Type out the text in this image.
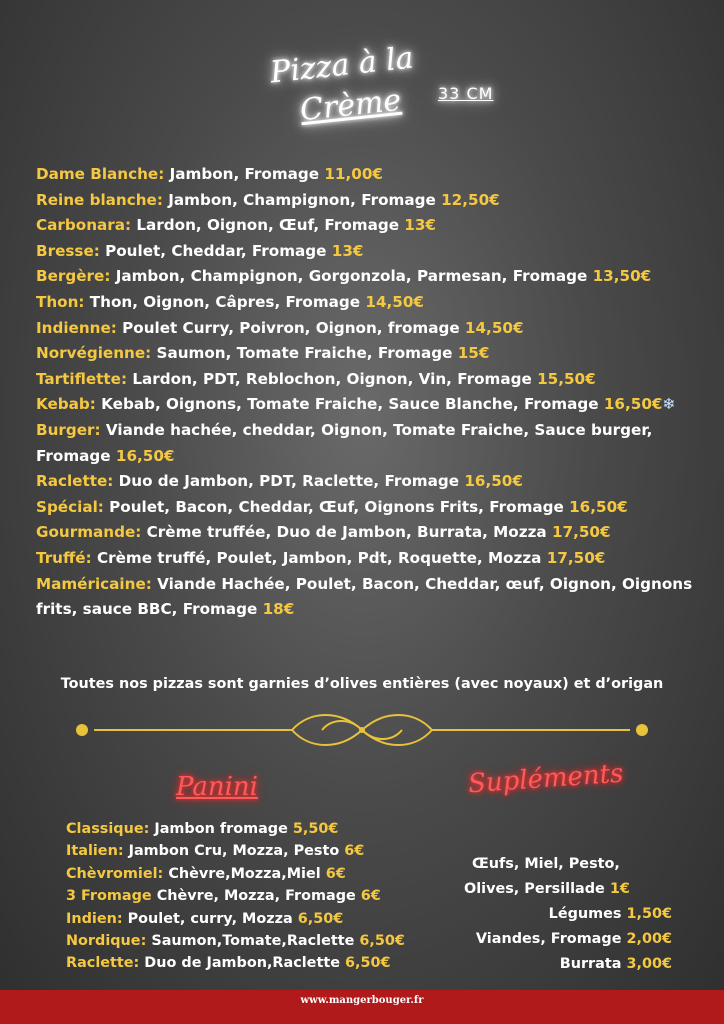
Pizza à la
Crème 33 CM
Dame Blanche: Jambon, Fromage 11,00€
Reine blanche: Jambon, Champignon, Fromage 12,50€
Carbonara: Lardon, Oignon, Œuf, Fromage 13€
Bresse: Poulet, Cheddar, Fromage 13€
Bergère: Jambon, Champignon, Gorgonzola, Parmesan, Fromage 13,50€
Thon: Thon, Oignon, Câpres, Fromage 14,50€
Indienne: Poulet Curry, Poivron, Oignon, fromage 14,50€
Norvégienne: Saumon, Tomate Fraiche, Fromage 15€
Tartiflette: Lardon, PDT, Reblochon, Oignon, Vin, Fromage 15,50€
Kebab: Kebab, Oignons, Tomate Fraiche, Sauce Blanche, Fromage 16,50€❄
Burger: Viande hachée, cheddar, Oignon, Tomate Fraiche, Sauce burger, Fromage 16,50€
Raclette: Duo de Jambon, PDT, Raclette, Fromage 16,50€
Spécial: Poulet, Bacon, Cheddar, Œuf, Oignons Frits, Fromage 16,50€
Gourmande: Crème truffée, Duo de Jambon, Burrata, Mozza 17,50€
Truffé: Crème truffé, Poulet, Jambon, Pdt, Roquette, Mozza 17,50€
Maméricaine: Viande Hachée, Poulet, Bacon, Cheddar, œuf, Oignon, Oignons frits, sauce BBC, Fromage 18€
Toutes nos pizzas sont garnies d’olives entières (avec noyaux) et d’origan
Panini	Supléments
Classique: Jambon fromage 5,50€
Italien: Jambon Cru, Mozza, Pesto 6€
Chèvromiel: Chèvre,Mozza,Miel 6€
3 Fromage Chèvre, Mozza, Fromage 6€
Indien: Poulet, curry, Mozza 6,50€
Nordique: Saumon,Tomate,Raclette 6,50€
Raclette: Duo de Jambon,Raclette 6,50€
Œufs, Miel, Pesto,
Olives, Persillade 1€
Légumes 1,50€
Viandes, Fromage 2,00€
Burrata 3,00€
www.mangerbouger.fr
